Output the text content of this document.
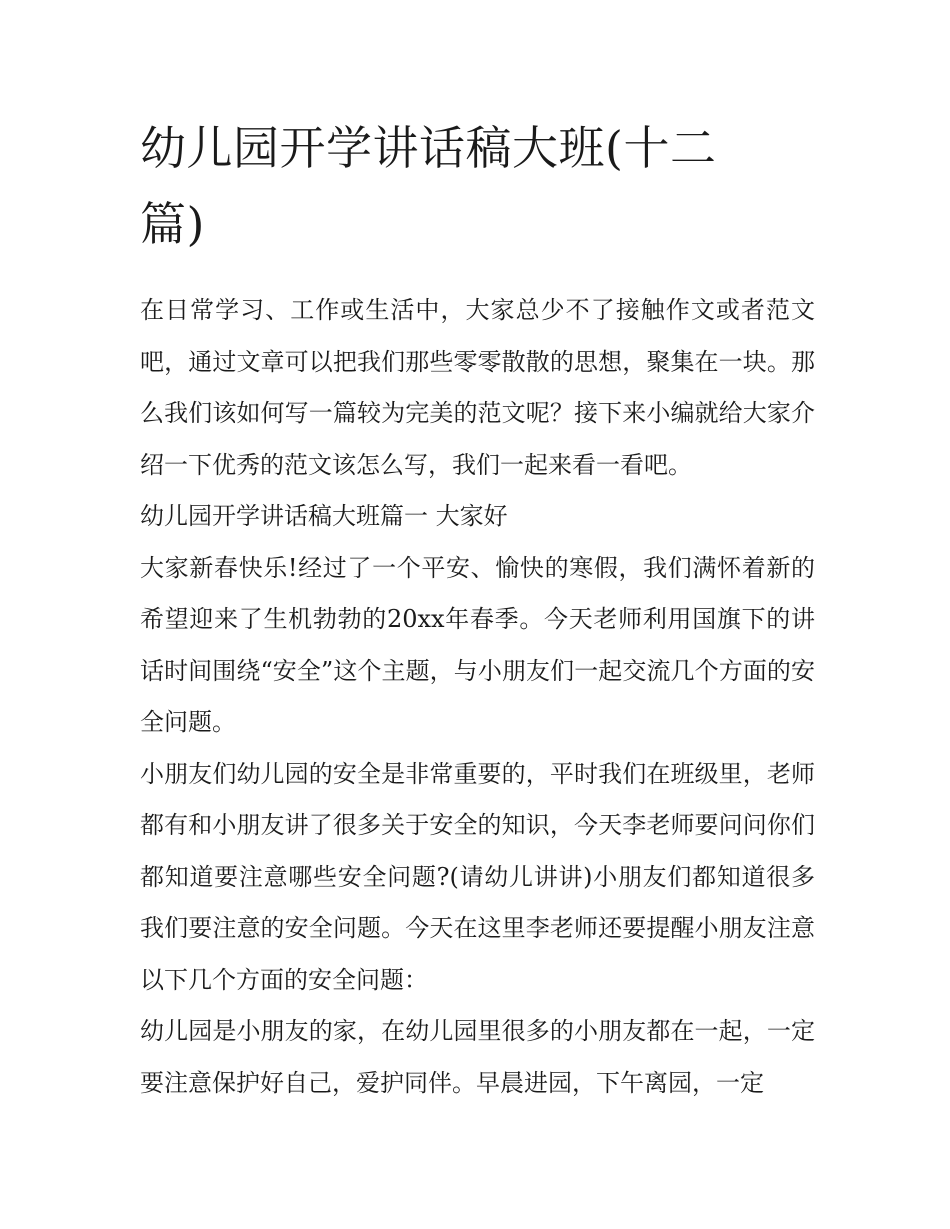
幼儿园开学讲话稿大班(十二篇)

在日常学习、工作或生活中，大家总少不了接触作文或者范文吧，通过文章可以把我们那些零零散散的思想，聚集在一块。那么我们该如何写一篇较为完美的范文呢？接下来小编就给大家介绍一下优秀的范文该怎么写，我们一起来看一看吧。

幼儿园开学讲话稿大班篇一 大家好

大家新春快乐!经过了一个平安、愉快的寒假，我们满怀着新的希望迎来了生机勃勃的20xx年春季。今天老师利用国旗下的讲话时间围绕“安全”这个主题，与小朋友们一起交流几个方面的安全问题。

小朋友们幼儿园的安全是非常重要的，平时我们在班级里，老师都有和小朋友讲了很多关于安全的知识，今天李老师要问问你们都知道要注意哪些安全问题?(请幼儿讲讲)小朋友们都知道很多我们要注意的安全问题。今天在这里李老师还要提醒小朋友注意以下几个方面的安全问题：

幼儿园是小朋友的家，在幼儿园里很多的小朋友都在一起，一定要注意保护好自己，爱护同伴。早晨进园，下午离园，一定
